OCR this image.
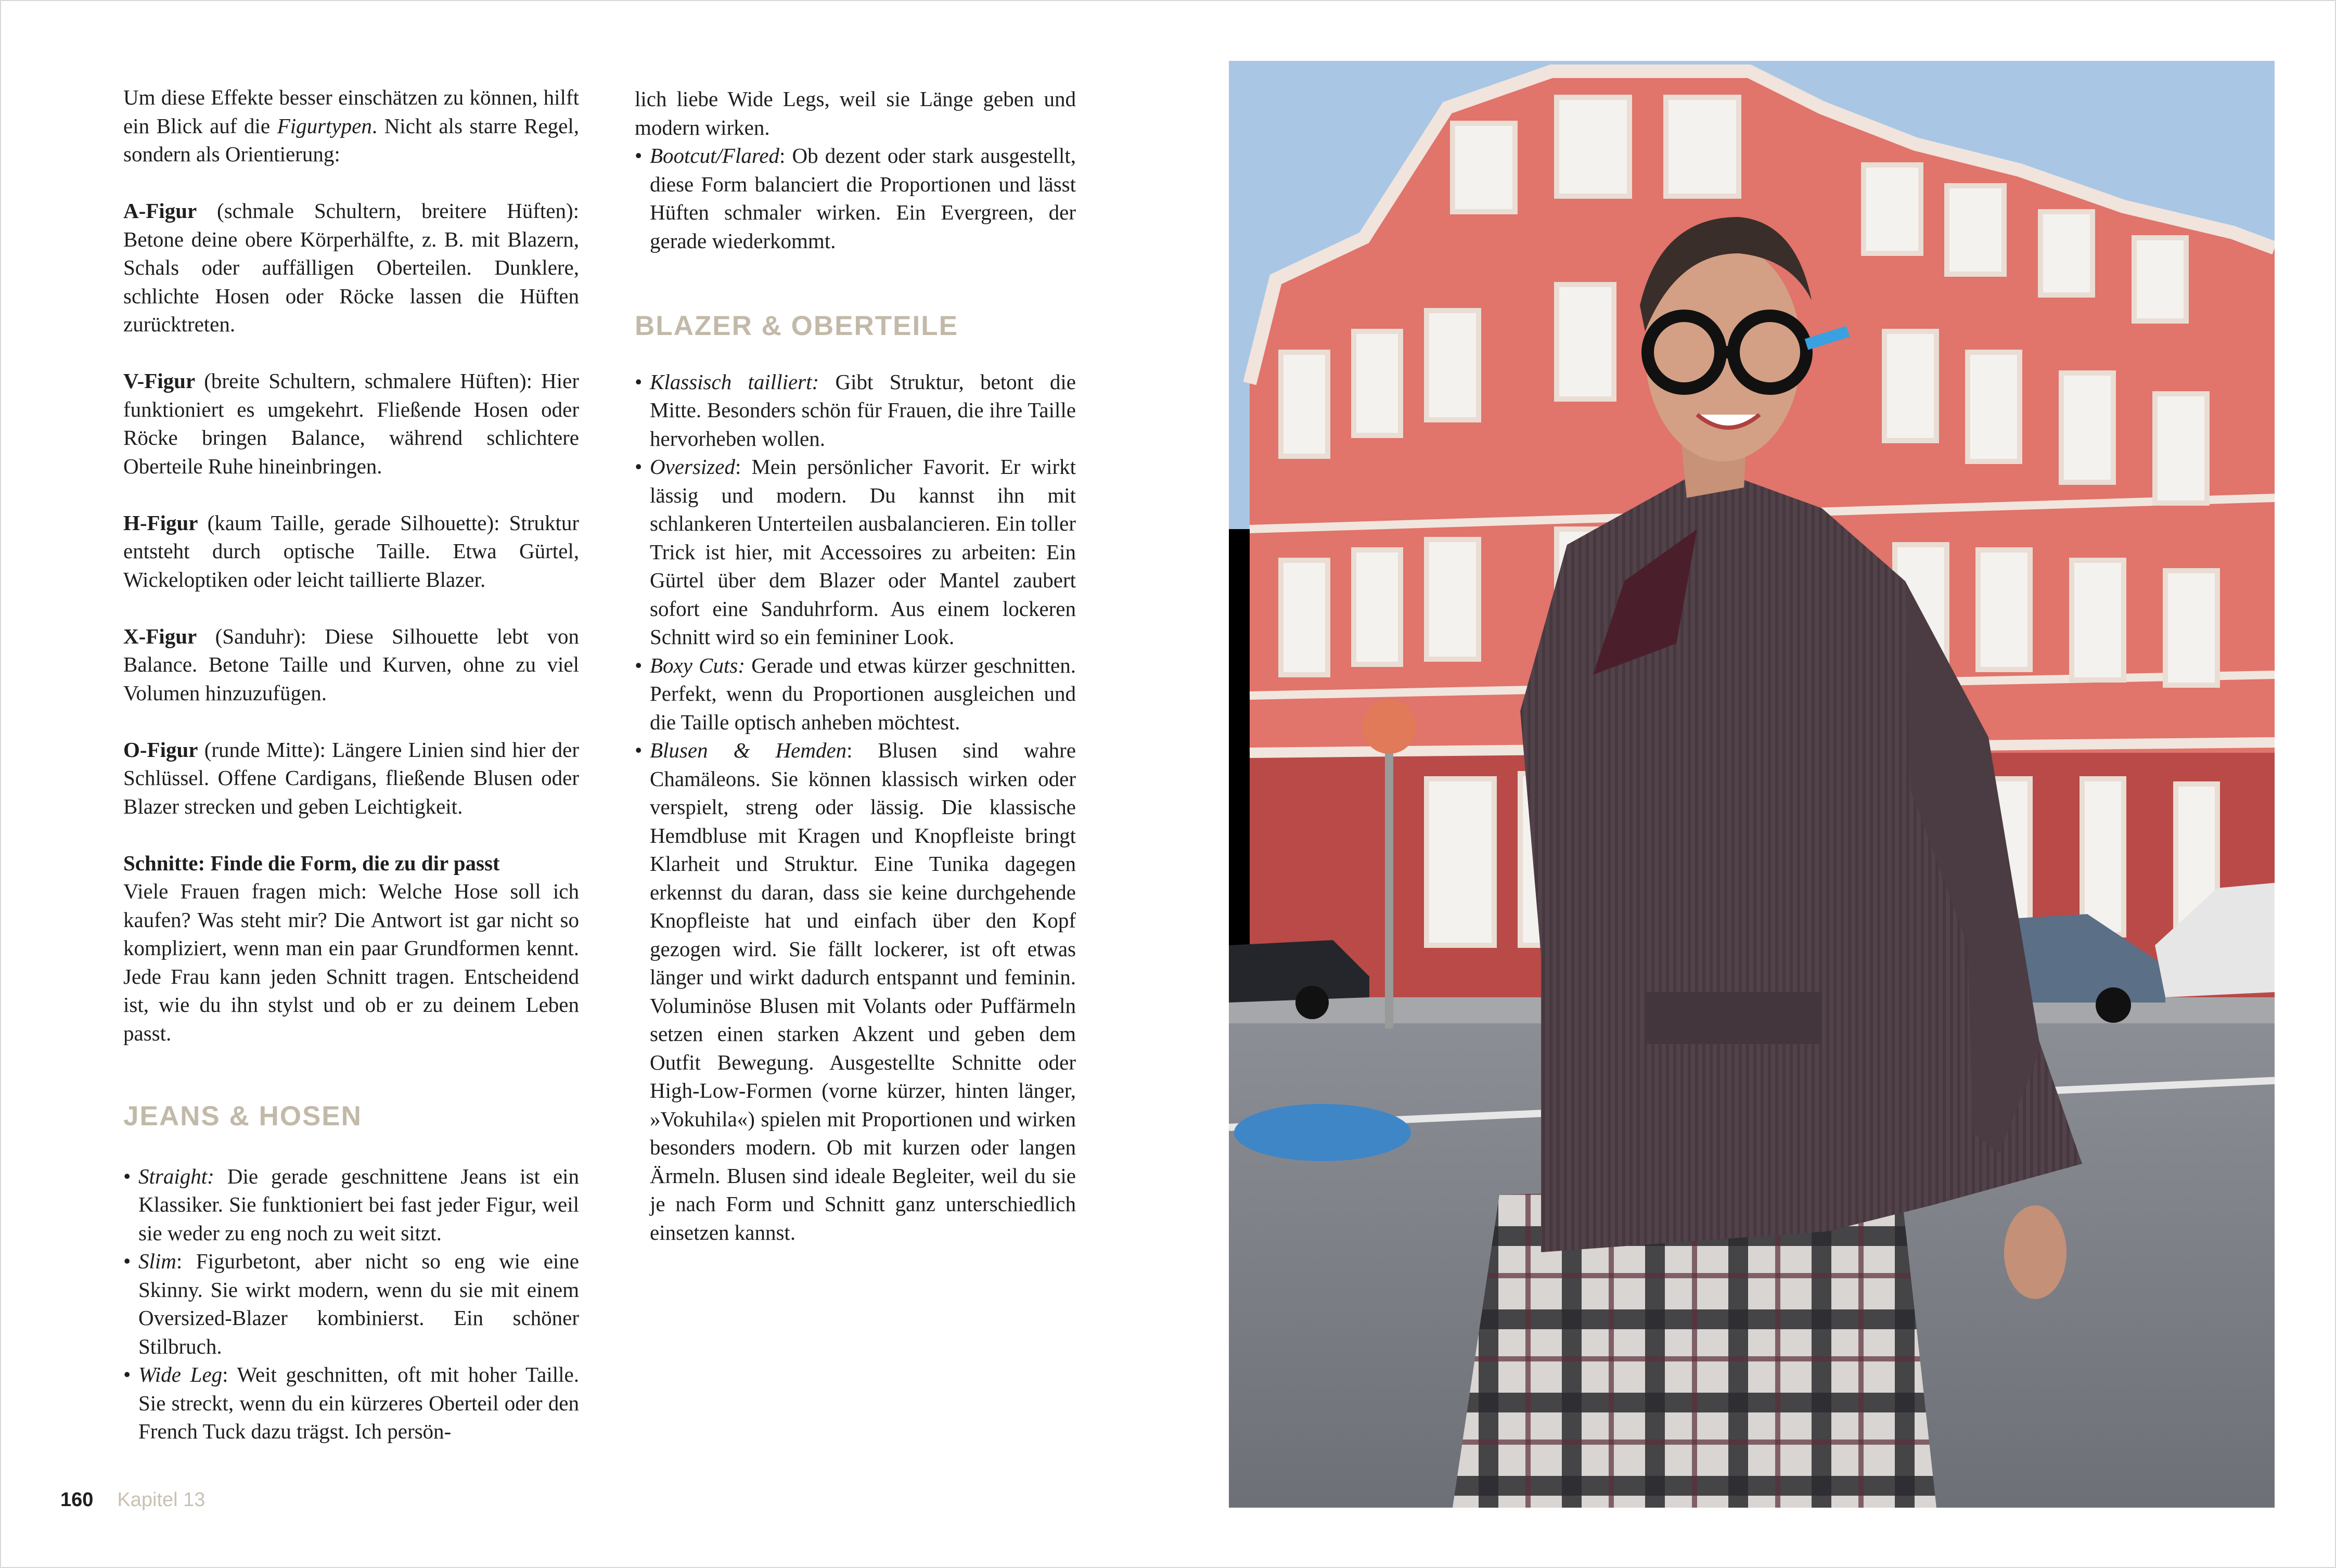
Um diese Effekte besser einschätzen zu können, hilft ein Blick auf die Figurtypen. Nicht als starre Regel, sondern als Orientierung:

A-Figur (schmale Schultern, breitere Hüften): Betone deine obere Körperhälfte, z. B. mit Blazern, Schals oder auffälligen Oberteilen. Dunklere, schlichte Hosen oder Röcke lassen die Hüften zurücktreten.

V-Figur (breite Schultern, schmalere Hüften): Hier funktioniert es umgekehrt. Fließende Hosen oder Röcke bringen Balance, während schlichtere Oberteile Ruhe hineinbringen.

H-Figur (kaum Taille, gerade Silhouette): Struktur entsteht durch optische Taille. Etwa Gürtel, Wickeloptiken oder leicht taillierte Blazer.

X-Figur (Sanduhr): Diese Silhouette lebt von Balance. Betone Taille und Kurven, ohne zu viel Volumen hinzuzufügen.

O-Figur (runde Mitte): Längere Linien sind hier der Schlüssel. Offene Cardigans, fließende Blusen oder Blazer strecken und geben Leichtigkeit.

Schnitte: Finde die Form, die zu dir passt

Viele Frauen fragen mich: Welche Hose soll ich kaufen? Was steht mir? Die Antwort ist gar nicht so kompliziert, wenn man ein paar Grundformen kennt. Jede Frau kann jeden Schnitt tragen. Entscheidend ist, wie du ihn stylst und ob er zu deinem Leben passt.

JEANS & HOSEN
• Straight: Die gerade geschnittene Jeans ist ein Klassiker. Sie funktioniert bei fast jeder Figur, weil sie weder zu eng noch zu weit sitzt.
• Slim: Figurbetont, aber nicht so eng wie eine Skinny. Sie wirkt modern, wenn du sie mit einem Oversized-Blazer kombinierst. Ein schöner Stilbruch.
• Wide Leg: Weit geschnitten, oft mit hoher Taille. Sie streckt, wenn du ein kürzeres Oberteil oder den French Tuck dazu trägst. Ich persön-

lich liebe Wide Legs, weil sie Länge geben und modern wirken.

• Bootcut/Flared: Ob dezent oder stark ausgestellt, diese Form balanciert die Proportionen und lässt Hüften schmaler wirken. Ein Evergreen, der gerade wiederkommt.
BLAZER & OBERTEILE
• Klassisch tailliert: Gibt Struktur, betont die Mitte. Besonders schön für Frauen, die ihre Taille hervorheben wollen.
• Oversized: Mein persönlicher Favorit. Er wirkt lässig und modern. Du kannst ihn mit schlankeren Unterteilen ausbalancieren. Ein toller Trick ist hier, mit Accessoires zu arbeiten: Ein Gürtel über dem Blazer oder Mantel zaubert sofort eine Sanduhrform. Aus einem lockeren Schnitt wird so ein femininer Look.
• Boxy Cuts: Gerade und etwas kürzer geschnitten. Perfekt, wenn du Proportionen ausgleichen und die Taille optisch anheben möchtest.
• Blusen & Hemden: Blusen sind wahre Chamäleons. Sie können klassisch wirken oder verspielt, streng oder lässig. Die klassische Hemdbluse mit Kragen und Knopfleiste bringt Klarheit und Struktur. Eine Tunika dagegen erkennst du daran, dass sie keine durchgehende Knopfleiste hat und einfach über den Kopf gezogen wird. Sie fällt lockerer, ist oft etwas länger und wirkt dadurch entspannt und feminin. Voluminöse Blusen mit Volants oder Puffärmeln setzen einen starken Akzent und geben dem Outfit Bewegung. Ausgestellte Schnitte oder High-Low-Formen (vorne kürzer, hinten länger, »Vokuhila«) spielen mit Proportionen und wirken besonders modern. Ob mit kurzen oder langen Ärmeln. Blusen sind ideale Begleiter, weil du sie je nach Form und Schnitt ganz unterschiedlich einsetzen kannst.
160 Kapitel 13
